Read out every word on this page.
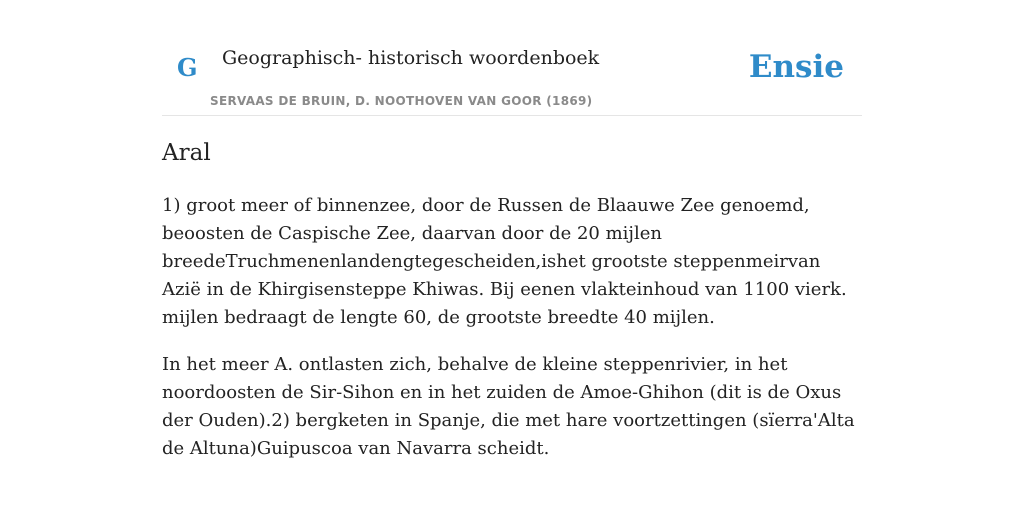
G Geographisch- historisch woordenboek
SERVAAS DE BRUIN, D. NOOTHOVEN VAN GOOR (1869)
Ensie
Aral

1) groot meer of binnenzee, door de Russen de Blaauwe Zee genoemd, beoosten de Caspische Zee, daarvan door de 20 mijlen breedeTruchmenenlandengtegescheiden,ishet grootste steppenmeirvan Azië in de Khirgisensteppe Khiwas. Bij eenen vlakteinhoud van 1100 vierk. mijlen bedraagt de lengte 60, de grootste breedte 40 mijlen.

In het meer A. ontlasten zich, behalve de kleine steppenrivier, in het noordoosten de Sir-Sihon en in het zuiden de Amoe-Ghihon (dit is de Oxus der Ouden).2) bergketen in Spanje, die met hare voortzettingen (sïerra'Alta de Altuna)Guipuscoa van Navarra scheidt.
